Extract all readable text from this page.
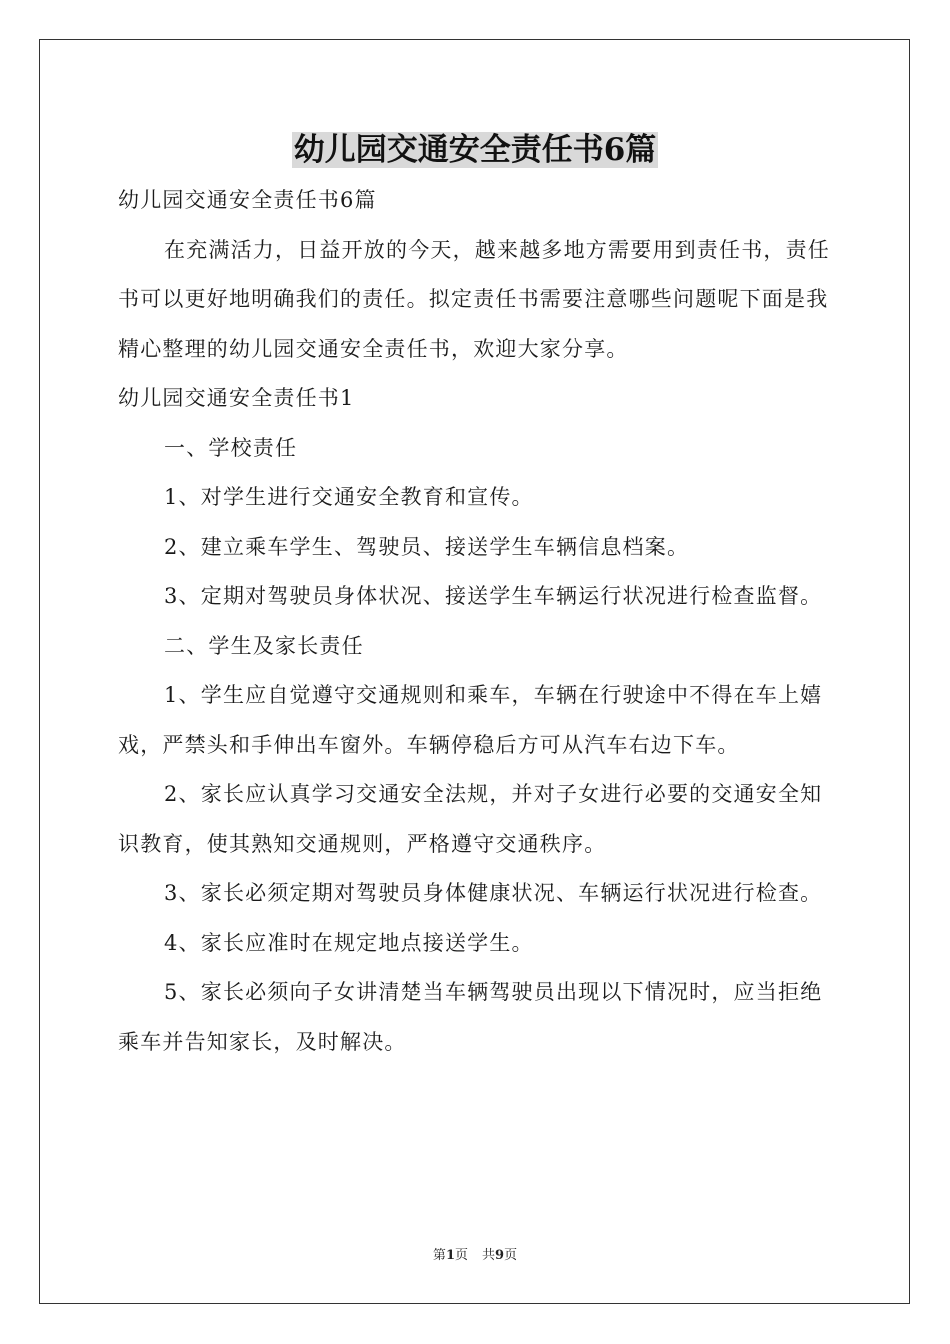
幼儿园交通安全责任书6篇

幼儿园交通安全责任书6篇

在充满活力，日益开放的今天，越来越多地方需要用到责任书，责任书可以更好地明确我们的责任。拟定责任书需要注意哪些问题呢下面是我精心整理的幼儿园交通安全责任书，欢迎大家分享。

幼儿园交通安全责任书1

一、学校责任

1、对学生进行交通安全教育和宣传。

2、建立乘车学生、驾驶员、接送学生车辆信息档案。

3、定期对驾驶员身体状况、接送学生车辆运行状况进行检查监督。

二、学生及家长责任

1、学生应自觉遵守交通规则和乘车，车辆在行驶途中不得在车上嬉戏，严禁头和手伸出车窗外。车辆停稳后方可从汽车右边下车。

2、家长应认真学习交通安全法规，并对子女进行必要的交通安全知识教育，使其熟知交通规则，严格遵守交通秩序。

3、家长必须定期对驾驶员身体健康状况、车辆运行状况进行检查。

4、家长应准时在规定地点接送学生。

5、家长必须向子女讲清楚当车辆驾驶员出现以下情况时，应当拒绝乘车并告知家长，及时解决。

第1页 共9页
